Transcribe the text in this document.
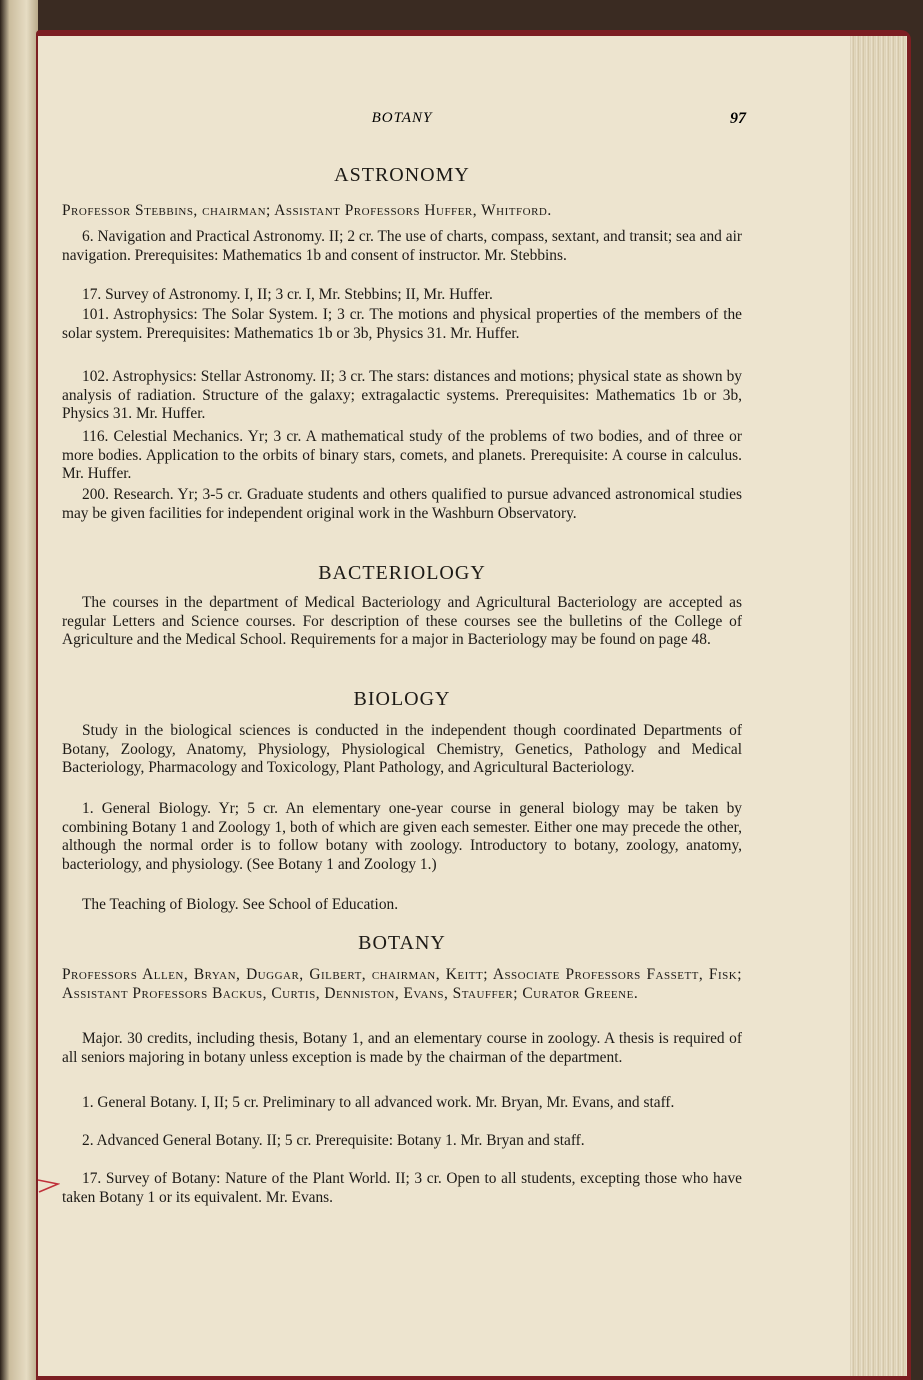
BOTANY	97
ASTRONOMY

Professor Stebbins, chairman; Assistant Professors Huffer, Whitford.

6. Navigation and Practical Astronomy. II; 2 cr. The use of charts, compass, sextant, and transit; sea and air navigation. Prerequisites: Mathematics 1b and consent of instructor. Mr. Stebbins.

17. Survey of Astronomy. I, II; 3 cr. I, Mr. Stebbins; II, Mr. Huffer.

101. Astrophysics: The Solar System. I; 3 cr. The motions and physical properties of the members of the solar system. Prerequisites: Mathematics 1b or 3b, Physics 31. Mr. Huffer.

102. Astrophysics: Stellar Astronomy. II; 3 cr. The stars: distances and motions; physical state as shown by analysis of radiation. Structure of the galaxy; extragalactic systems. Prerequisites: Mathematics 1b or 3b, Physics 31. Mr. Huffer.

116. Celestial Mechanics. Yr; 3 cr. A mathematical study of the problems of two bodies, and of three or more bodies. Application to the orbits of binary stars, comets, and planets. Prerequisite: A course in calculus. Mr. Huffer.

200. Research. Yr; 3-5 cr. Graduate students and others qualified to pursue advanced astronomical studies may be given facilities for independent original work in the Washburn Observatory.

BACTERIOLOGY

The courses in the department of Medical Bacteriology and Agricultural Bacteriology are accepted as regular Letters and Science courses. For description of these courses see the bulletins of the College of Agriculture and the Medical School. Requirements for a major in Bacteriology may be found on page 48.

BIOLOGY

Study in the biological sciences is conducted in the independent though coordinated Departments of Botany, Zoology, Anatomy, Physiology, Physiological Chemistry, Genetics, Pathology and Medical Bacteriology, Pharmacology and Toxicology, Plant Pathology, and Agricultural Bacteriology.

1. General Biology. Yr; 5 cr. An elementary one-year course in general biology may be taken by combining Botany 1 and Zoology 1, both of which are given each semester. Either one may precede the other, although the normal order is to follow botany with zoology. Introductory to botany, zoology, anatomy, bacteriology, and physiology. (See Botany 1 and Zoology 1.)

The Teaching of Biology. See School of Education.

BOTANY

Professors Allen, Bryan, Duggar, Gilbert, chairman, Keitt; Associate Professors Fassett, Fisk; Assistant Professors Backus, Curtis, Denniston, Evans, Stauffer; Curator Greene.

Major. 30 credits, including thesis, Botany 1, and an elementary course in zoology. A thesis is required of all seniors majoring in botany unless exception is made by the chairman of the department.

1. General Botany. I, II; 5 cr. Preliminary to all advanced work. Mr. Bryan, Mr. Evans, and staff.

2. Advanced General Botany. II; 5 cr. Prerequisite: Botany 1. Mr. Bryan and staff.

17. Survey of Botany: Nature of the Plant World. II; 3 cr. Open to all students, excepting those who have taken Botany 1 or its equivalent. Mr. Evans.
